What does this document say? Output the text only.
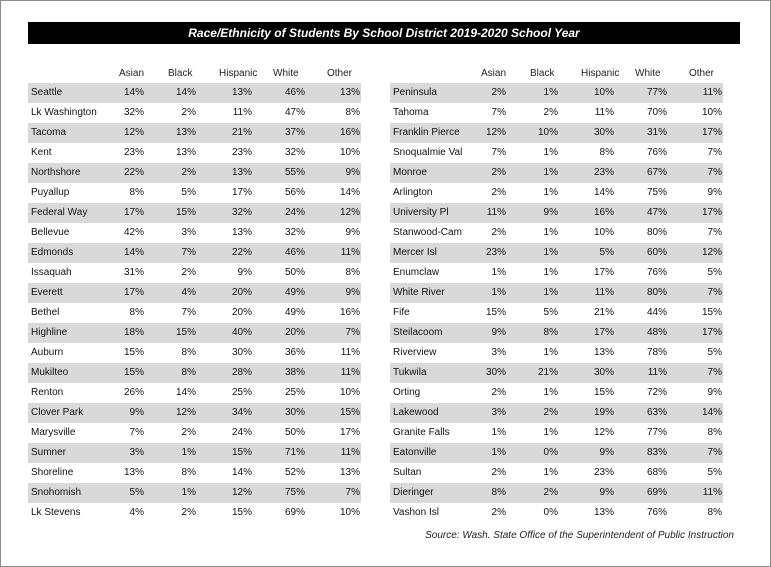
Race/Ethnicity of Students By School District 2019-2020 School Year
Asian Black	Hispanic White	Other
Seattle	14%	14%	13%	46%	13%
Lk Washington	32%	2%	11%	47%	8%
Tacoma	12%	13%	21%	37%	16%
Kent	23%	13%	23%	32%	10%
Northshore	22%	2%	13%	55%	9%
Puyallup	8%	5%	17%	56%	14%
Federal Way	17%	15%	32%	24%	12%
Bellevue	42%	3%	13%	32%	9%
Edmonds	14%	7%	22%	46%	11%
Issaquah	31%	2%	9%	50%	8%
Everett	17%	4%	20%	49%	9%
Bethel	8%	7%	20%	49%	16%
Highline	18%	15%	40%	20%	7%
Auburn	15%	8%	30%	36%	11%
Mukilteo	15%	8%	28%	38%	11%
Renton	26%	14%	25%	25%	10%
Clover Park	9%	12%	34%	30%	15%
Marysville	7%	2%	24%	50%	17%
Sumner	3%	1%	15%	71%	11%
Shoreline	13%	8%	14%	52%	13%
Snohomish	5%	1%	12%	75%	7%
Lk Stevens	4%	2%	15%	69%	10%
Asian Black	Hispanic White	Other
Peninsula	2%	1%	10%	77%	11%
Tahoma	7%	2%	11%	70%	10%
Franklin Pierce	12%	10%	30%	31%	17%
Snoqualmie Val	7%	1%	8%	76%	7%
Monroe	2%	1%	23%	67%	7%
Arlington	2%	1%	14%	75%	9%
University Pl	11%	9%	16%	47%	17%
Stanwood-Cam	2%	1%	10%	80%	7%
Mercer Isl	23%	1%	5%	60%	12%
Enumclaw	1%	1%	17%	76%	5%
White River	1%	1%	11%	80%	7%
Fife	15%	5%	21%	44%	15%
Steilacoom	9%	8%	17%	48%	17%
Riverview	3%	1%	13%	78%	5%
Tukwila	30%	21%	30%	11%	7%
Orting	2%	1%	15%	72%	9%
Lakewood	3%	2%	19%	63%	14%
Granite Falls	1%	1%	12%	77%	8%
Eatonville	1%	0%	9%	83%	7%
Sultan	2%	1%	23%	68%	5%
Dieringer	8%	2%	9%	69%	11%
Vashon Isl	2%	0%	13%	76%	8%
Source: Wash. State Office of the Superintendent of Public Instruction
